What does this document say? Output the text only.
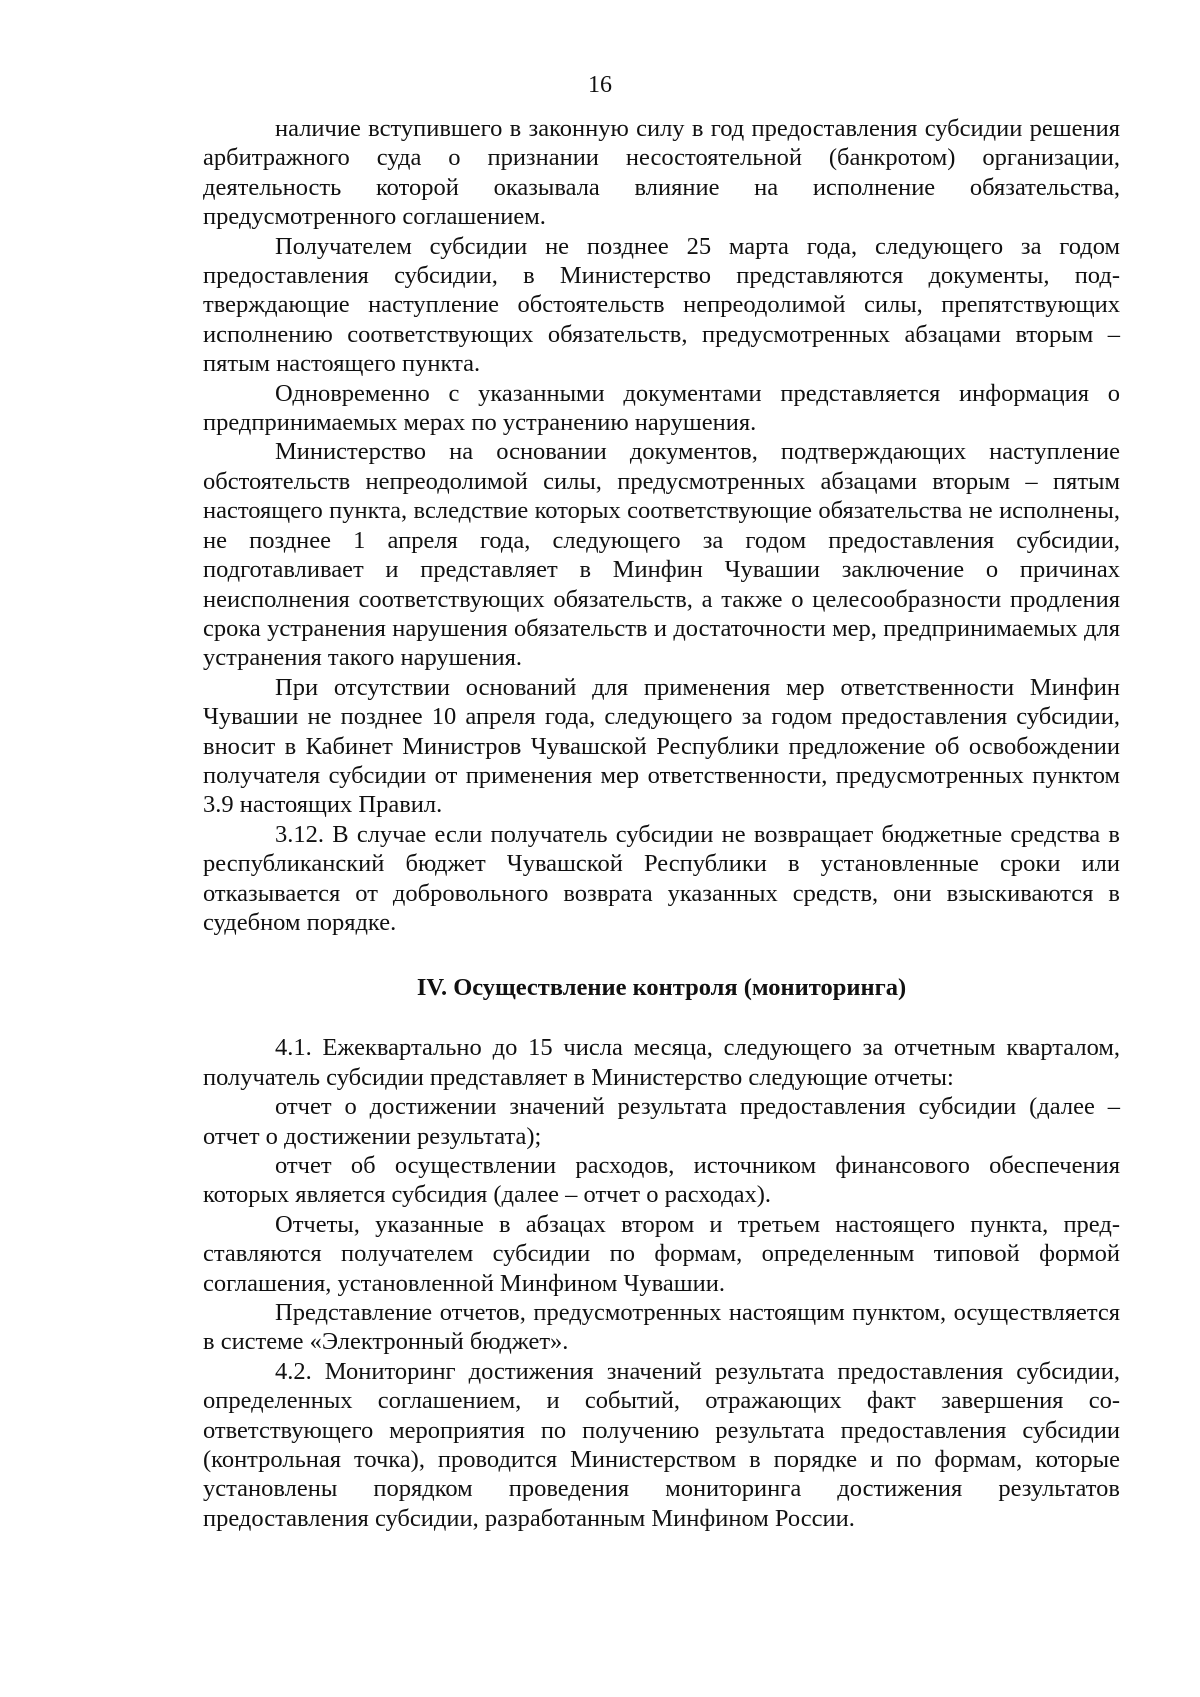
16

наличие вступившего в законную силу в год предоставления субсидии решения арбитражного суда о признании несостоятельной (банкротом) организации, деятельность которой оказывала влияние на исполнение обязательства, предусмотренного соглашением.

Получателем субсидии не позднее 25 марта года, следующего за годом предоставления субсидии, в Министерство представляются документы, подтверждающие наступление обстоятельств непреодолимой силы, препятствующих исполнению соответствующих обязательств, предусмотренных абзацами вторым – пятым настоящего пункта.

Одновременно с указанными документами представляется информация о предпринимаемых мерах по устранению нарушения.

Министерство на основании документов, подтверждающих наступление обстоятельств непреодолимой силы, предусмотренных абзацами вторым – пятым настоящего пункта, вследствие которых соответствующие обязательства не исполнены, не позднее 1 апреля года, следующего за годом предоставления субсидии, подготавливает и представляет в Минфин Чувашии заключение о причинах неисполнения соответствующих обязательств, а также о целесообразности продления срока устранения нарушения обязательств и достаточности мер, предпринимаемых для устранения такого нарушения.

При отсутствии оснований для применения мер ответственности Минфин Чувашии не позднее 10 апреля года, следующего за годом предоставления субсидии, вносит в Кабинет Министров Чувашской Республики предложение об освобождении получателя субсидии от применения мер ответственности, предусмотренных пунктом 3.9 настоящих Правил.

3.12. В случае если получатель субсидии не возвращает бюджетные средства в республиканский бюджет Чувашской Республики в установленные сроки или отказывается от добровольного возврата указанных средств, они взыскиваются в судебном порядке.

IV. Осуществление контроля (мониторинга)

4.1. Ежеквартально до 15 числа месяца, следующего за отчетным кварталом, получатель субсидии представляет в Министерство следующие отчеты:

отчет о достижении значений результата предоставления субсидии (далее – отчет о достижении результата);

отчет об осуществлении расходов, источником финансового обеспечения которых является субсидия (далее – отчет о расходах).

Отчеты, указанные в абзацах втором и третьем настоящего пункта, представляются получателем субсидии по формам, определенным типовой формой соглашения, установленной Минфином Чувашии.

Представление отчетов, предусмотренных настоящим пунктом, осуществляется в системе «Электронный бюджет».

4.2. Мониторинг достижения значений результата предоставления субсидии, определенных соглашением, и событий, отражающих факт завершения соответствующего мероприятия по получению результата предоставления субсидии (контрольная точка), проводится Министерством в порядке и по формам, которые установлены порядком проведения мониторинга достижения результатов предоставления субсидии, разработанным Минфином России.
